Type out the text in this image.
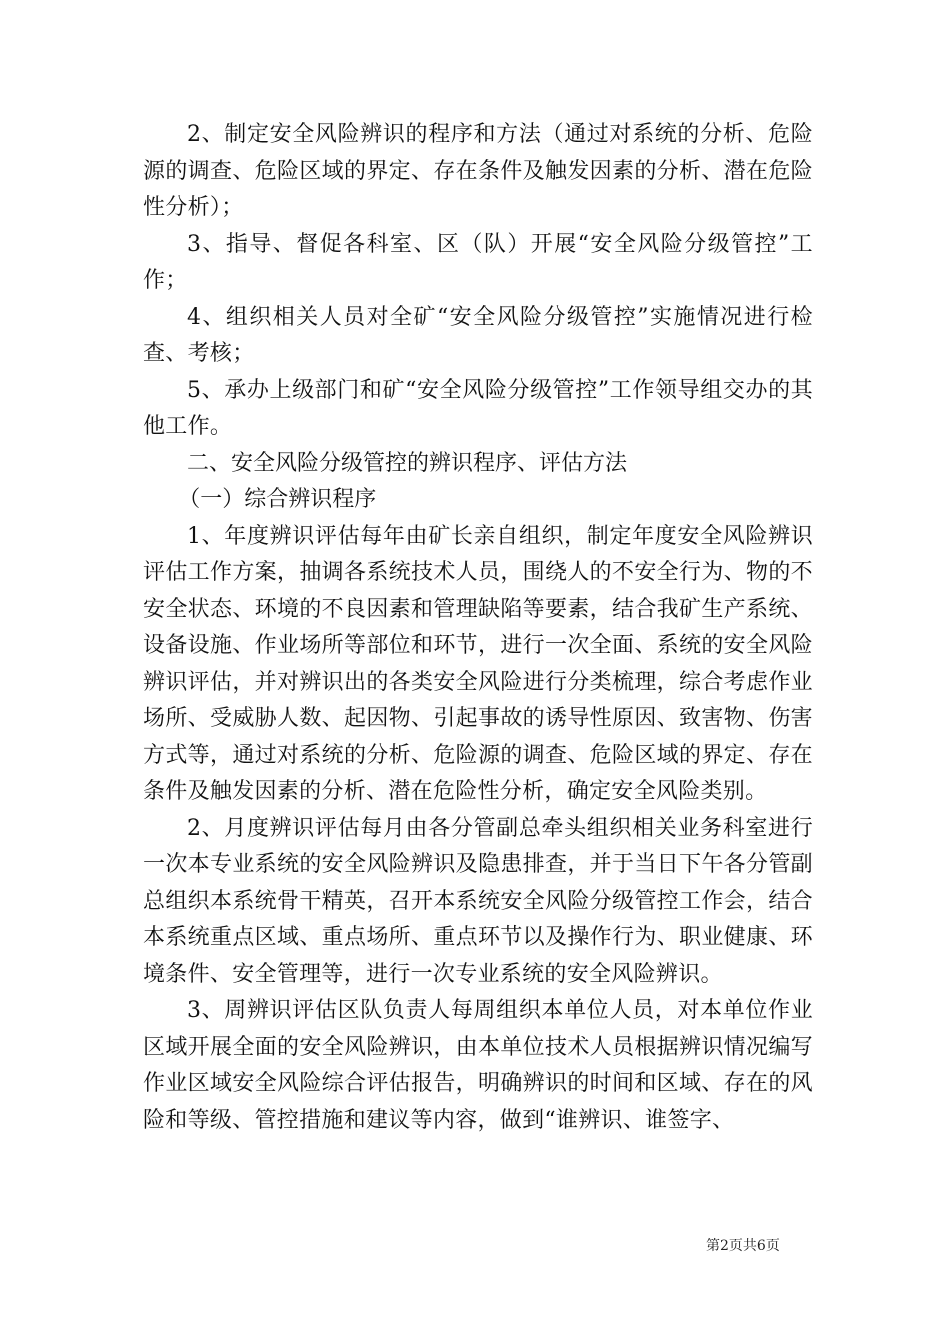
2、制定安全风险辨识的程序和方法（通过对系统的分析、危险源的调查、危险区域的界定、存在条件及触发因素的分析、潜在危险性分析）；

3、指导、督促各科室、区（队）开展“安全风险分级管控”工作；

4、组织相关人员对全矿“安全风险分级管控”实施情况进行检查、考核；

5、承办上级部门和矿“安全风险分级管控”工作领导组交办的其他工作。

二、安全风险分级管控的辨识程序、评估方法

（一）综合辨识程序

1、年度辨识评估每年由矿长亲自组织，制定年度安全风险辨识评估工作方案，抽调各系统技术人员，围绕人的不安全行为、物的不安全状态、环境的不良因素和管理缺陷等要素，结合我矿生产系统、设备设施、作业场所等部位和环节，进行一次全面、系统的安全风险辨识评估，并对辨识出的各类安全风险进行分类梳理，综合考虑作业场所、受威胁人数、起因物、引起事故的诱导性原因、致害物、伤害方式等，通过对系统的分析、危险源的调查、危险区域的界定、存在条件及触发因素的分析、潜在危险性分析，确定安全风险类别。

2、月度辨识评估每月由各分管副总牵头组织相关业务科室进行一次本专业系统的安全风险辨识及隐患排查，并于当日下午各分管副总组织本系统骨干精英，召开本系统安全风险分级管控工作会，结合本系统重点区域、重点场所、重点环节以及操作行为、职业健康、环境条件、安全管理等，进行一次专业系统的安全风险辨识。

3、周辨识评估区队负责人每周组织本单位人员，对本单位作业区域开展全面的安全风险辨识，由本单位技术人员根据辨识情况编写作业区域安全风险综合评估报告，明确辨识的时间和区域、存在的风险和等级、管控措施和建议等内容，做到“谁辨识、谁签字、

第2页共6页
